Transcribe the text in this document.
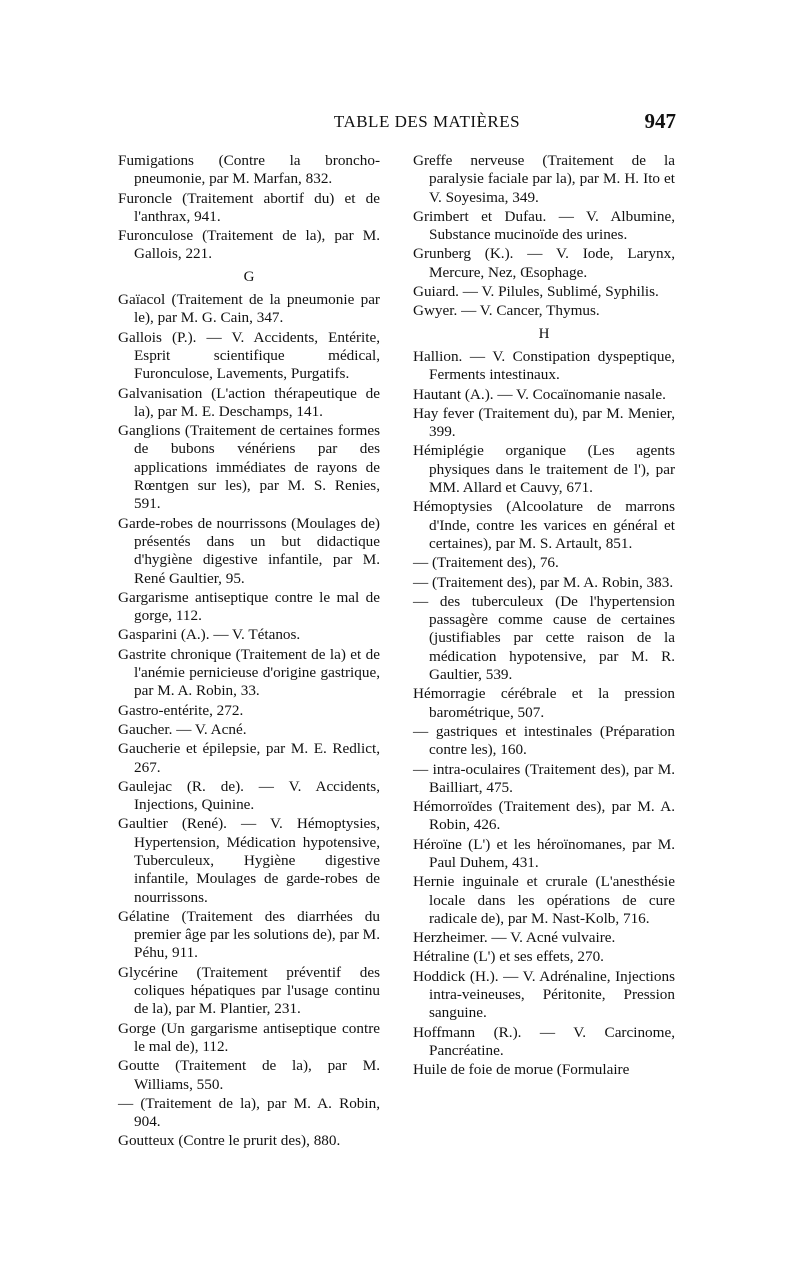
TABLE DES MATIÈRES	947
Fumigations (Contre la broncho-pneumonie, par M. Marfan, 832.
Furoncle (Traitement abortif du) et de l'anthrax, 941.
Furonculose (Traitement de la), par M. Gallois, 221.
G
Gaïacol (Traitement de la pneumonie par le), par M. G. Cain, 347.
Gallois (P.). — V. Accidents, Entérite, Esprit scientifique médical, Furonculose, Lavements, Purgatifs.
Galvanisation (L'action thérapeutique de la), par M. E. Deschamps, 141.
Ganglions (Traitement de certaines formes de bubons vénériens par des applications immédiates de rayons de Rœntgen sur les), par M. S. Renies, 591.
Garde-robes de nourrissons (Moulages de) présentés dans un but didactique d'hygiène digestive infantile, par M. René Gaultier, 95.
Gargarisme antiseptique contre le mal de gorge, 112.
Gasparini (A.). — V. Tétanos.
Gastrite chronique (Traitement de la) et de l'anémie pernicieuse d'origine gastrique, par M. A. Robin, 33.
Gastro-entérite, 272.
Gaucher. — V. Acné.
Gaucherie et épilepsie, par M. E. Redlict, 267.
Gaulejac (R. de). — V. Accidents, Injections, Quinine.
Gaultier (René). — V. Hémoptysies, Hypertension, Médication hypotensive, Tuberculeux, Hygiène digestive infantile, Moulages de garde-robes de nourrissons.
Gélatine (Traitement des diarrhées du premier âge par les solutions de), par M. Péhu, 911.
Glycérine (Traitement préventif des coliques hépatiques par l'usage continu de la), par M. Plantier, 231.
Gorge (Un gargarisme antiseptique contre le mal de), 112.
Goutte (Traitement de la), par M. Williams, 550.
— (Traitement de la), par M. A. Robin, 904.
Goutteux (Contre le prurit des), 880.
Greffe nerveuse (Traitement de la paralysie faciale par la), par M. H. Ito et V. Soyesima, 349.
Grimbert et Dufau. — V. Albumine, Substance mucinoïde des urines.
Grunberg (K.). — V. Iode, Larynx, Mercure, Nez, Œsophage.
Guiard. — V. Pilules, Sublimé, Syphilis.
Gwyer. — V. Cancer, Thymus.
H
Hallion. — V. Constipation dyspeptique, Ferments intestinaux.
Hautant (A.). — V. Cocaïnomanie nasale.
Hay fever (Traitement du), par M. Menier, 399.
Hémiplégie organique (Les agents physiques dans le traitement de l'), par MM. Allard et Cauvy, 671.
Hémoptysies (Alcoolature de marrons d'Inde, contre les varices en général et certaines), par M. S. Artault, 851.
— (Traitement des), 76.
— (Traitement des), par M. A. Robin, 383.
— des tuberculeux (De l'hypertension passagère comme cause de certaines (justifiables par cette raison de la médication hypotensive, par M. R. Gaultier, 539.
Hémorragie cérébrale et la pression barométrique, 507.
— gastriques et intestinales (Préparation contre les), 160.
— intra-oculaires (Traitement des), par M. Bailliart, 475.
Hémorroïdes (Traitement des), par M. A. Robin, 426.
Héroïne (L') et les héroïnomanes, par M. Paul Duhem, 431.
Hernie inguinale et crurale (L'anesthésie locale dans les opérations de cure radicale de), par M. Nast-Kolb, 716.
Herzheimer. — V. Acné vulvaire.
Hétraline (L') et ses effets, 270.
Hoddick (H.). — V. Adrénaline, Injections intra-veineuses, Péritonite, Pression sanguine.
Hoffmann (R.). — V. Carcinome, Pancréatine.
Huile de foie de morue (Formulaire
